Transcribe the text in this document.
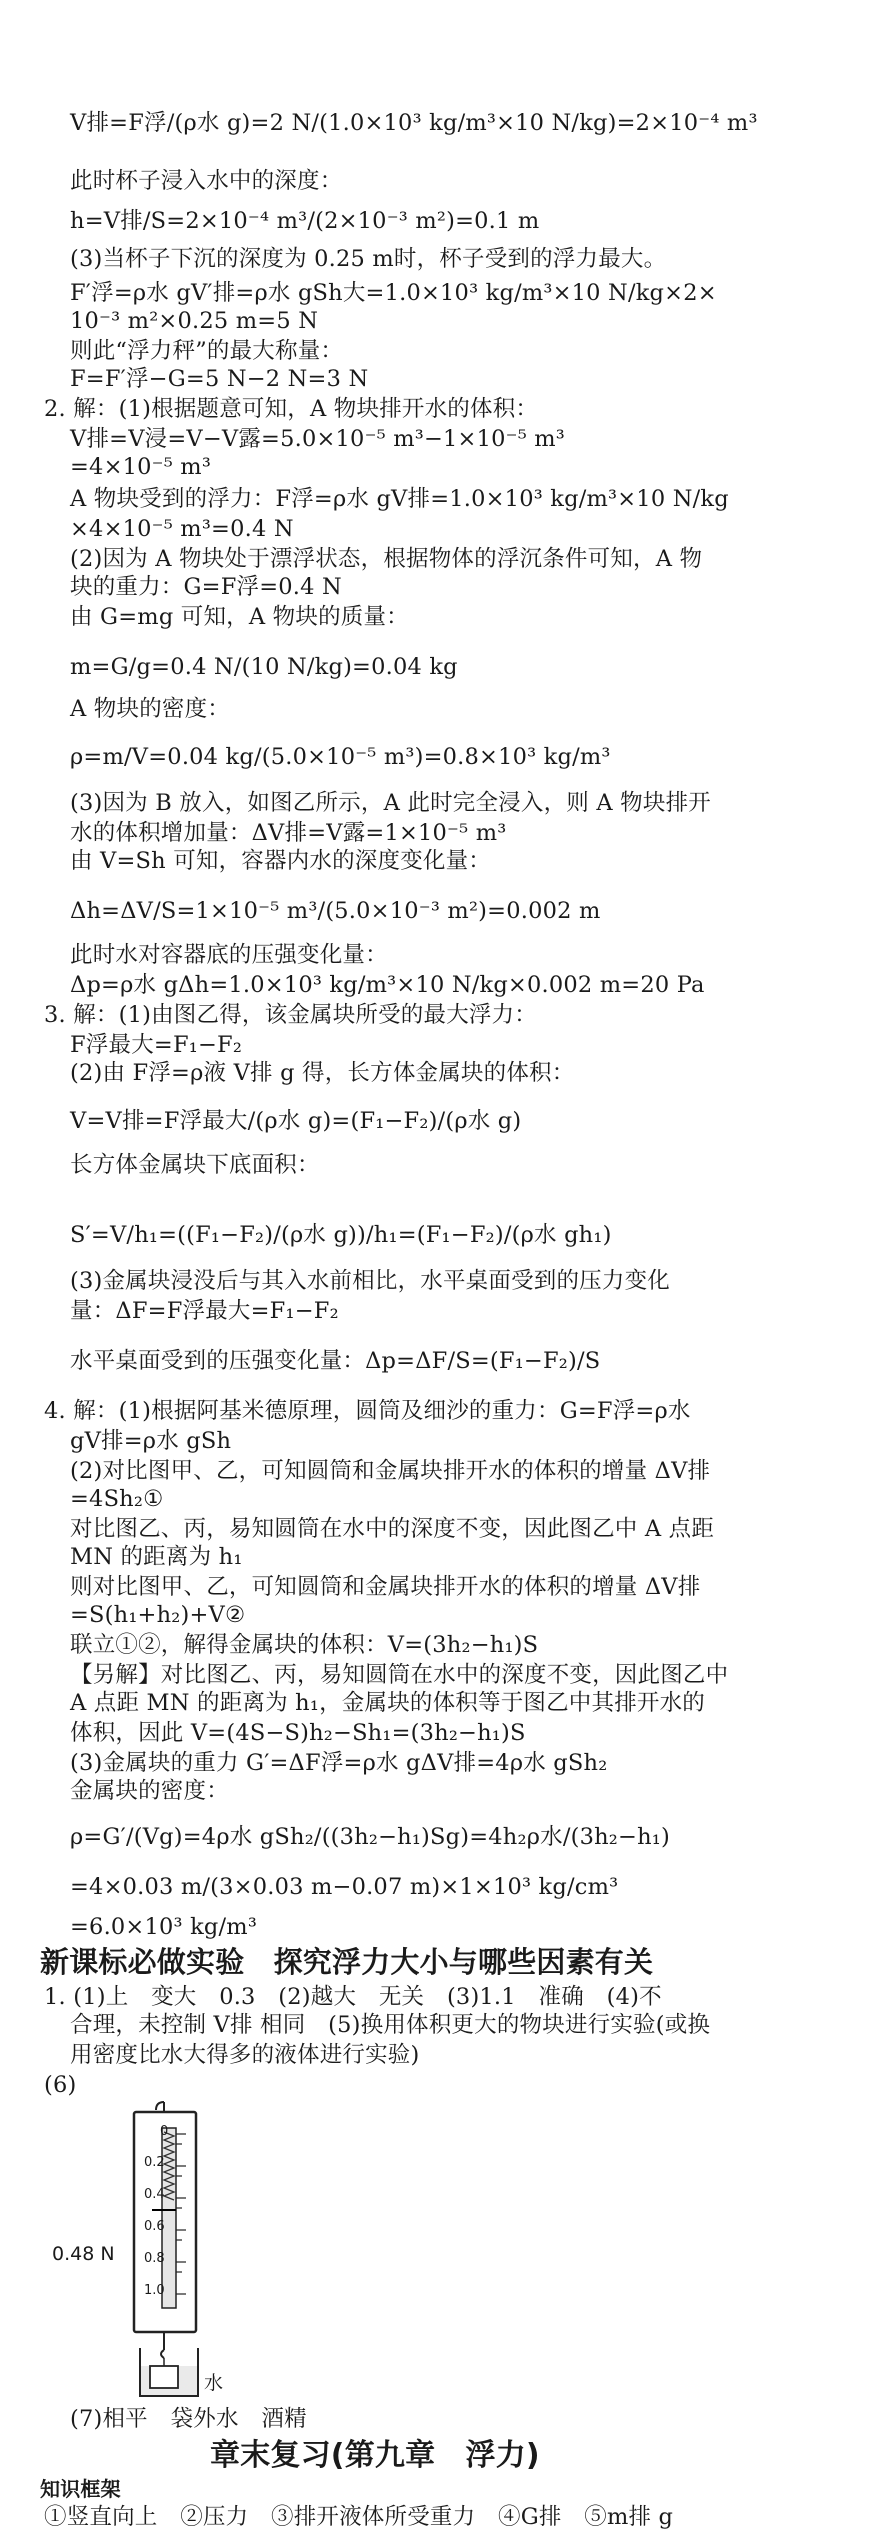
V排=F浮/(ρ水 g)=2 N/(1.0×10³ kg/m³×10 N/kg)=2×10⁻⁴ m³
此时杯子浸入水中的深度：
h=V排/S=2×10⁻⁴ m³/(2×10⁻³ m²)=0.1 m
(3)当杯子下沉的深度为 0.25 m时，杯子受到的浮力最大。
F′浮=ρ水 gV′排=ρ水 gSh大=1.0×10³ kg/m³×10 N/kg×2×
10⁻³ m²×0.25 m=5 N
则此“浮力秤”的最大称量：
F=F′浮−G=5 N−2 N=3 N
2. 解：(1)根据题意可知，A 物块排开水的体积：
V排=V浸=V−V露=5.0×10⁻⁵ m³−1×10⁻⁵ m³
=4×10⁻⁵ m³
A 物块受到的浮力：F浮=ρ水 gV排=1.0×10³ kg/m³×10 N/kg
×4×10⁻⁵ m³=0.4 N
(2)因为 A 物块处于漂浮状态，根据物体的浮沉条件可知，A 物
块的重力：G=F浮=0.4 N
由 G=mg 可知，A 物块的质量：
m=G/g=0.4 N/(10 N/kg)=0.04 kg
A 物块的密度：
ρ=m/V=0.04 kg/(5.0×10⁻⁵ m³)=0.8×10³ kg/m³
(3)因为 B 放入，如图乙所示，A 此时完全浸入，则 A 物块排开
水的体积增加量：ΔV排=V露=1×10⁻⁵ m³
由 V=Sh 可知，容器内水的深度变化量：
Δh=ΔV/S=1×10⁻⁵ m³/(5.0×10⁻³ m²)=0.002 m
此时水对容器底的压强变化量：
Δp=ρ水 gΔh=1.0×10³ kg/m³×10 N/kg×0.002 m=20 Pa
3. 解：(1)由图乙得，该金属块所受的最大浮力：
F浮最大=F₁−F₂
(2)由 F浮=ρ液 V排 g 得，长方体金属块的体积：
V=V排=F浮最大/(ρ水 g)=(F₁−F₂)/(ρ水 g)
长方体金属块下底面积：
S′=V/h₁=((F₁−F₂)/(ρ水 g))/h₁=(F₁−F₂)/(ρ水 gh₁)
(3)金属块浸没后与其入水前相比，水平桌面受到的压力变化
量：ΔF=F浮最大=F₁−F₂
水平桌面受到的压强变化量：Δp=ΔF/S=(F₁−F₂)/S
4. 解：(1)根据阿基米德原理，圆筒及细沙的重力：G=F浮=ρ水
gV排=ρ水 gSh
(2)对比图甲、乙，可知圆筒和金属块排开水的体积的增量 ΔV排
=4Sh₂①
对比图乙、丙，易知圆筒在水中的深度不变，因此图乙中 A 点距
MN 的距离为 h₁
则对比图甲、乙，可知圆筒和金属块排开水的体积的增量 ΔV排
=S(h₁+h₂)+V②
联立①②，解得金属块的体积：V=(3h₂−h₁)S
【另解】对比图乙、丙，易知圆筒在水中的深度不变，因此图乙中
A 点距 MN 的距离为 h₁，金属块的体积等于图乙中其排开水的
体积，因此 V=(4S−S)h₂−Sh₁=(3h₂−h₁)S
(3)金属块的重力 G′=ΔF浮=ρ水 gΔV排=4ρ水 gSh₂
金属块的密度：
ρ=G′/(Vg)=4ρ水 gSh₂/((3h₂−h₁)Sg)=4h₂ρ水/(3h₂−h₁)
=4×0.03 m/(3×0.03 m−0.07 m)×1×10³ kg/cm³
=6.0×10³ kg/m³
新课标必做实验　探究浮力大小与哪些因素有关
1. (1)上　变大　0.3　(2)越大　无关　(3)1.1　准确　(4)不
合理，未控制 V排 相同　(5)换用体积更大的物块进行实验(或换
用密度比水大得多的液体进行实验)
(6)
0
0.2
0.4
0.6
0.8
1.0
0.48 N
水
(7)相平　袋外水　酒精
章末复习(第九章　浮力)
知识框架
①竖直向上　②压力　③排开液体所受重力　④G排　⑤m排 g
